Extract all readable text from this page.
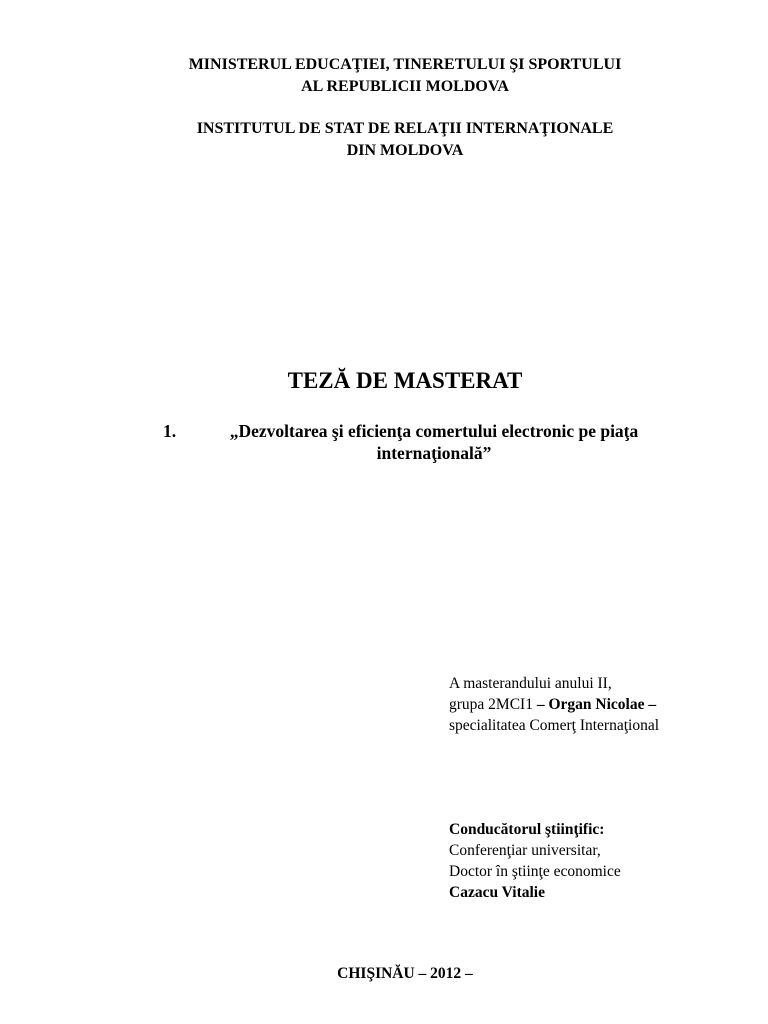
MINISTERUL EDUCAŢIEI, TINERETULUI ŞI SPORTULUI
AL REPUBLICII MOLDOVA
INSTITUTUL DE STAT DE RELAŢII INTERNAŢIONALE
DIN MOLDOVA
TEZĂ DE MASTERAT
1.	„Dezvoltarea şi eficienţa comertului electronic pe piaţa
internaţională”
A masterandului anului II,
grupa 2MCI1 – Organ Nicolae –
specialitatea Comerţ Internaţional
Conducătorul ştiinţific:
Conferenţiar universitar,
Doctor în ştiinţe economice
Cazacu Vitalie
CHIŞINĂU – 2012 –
